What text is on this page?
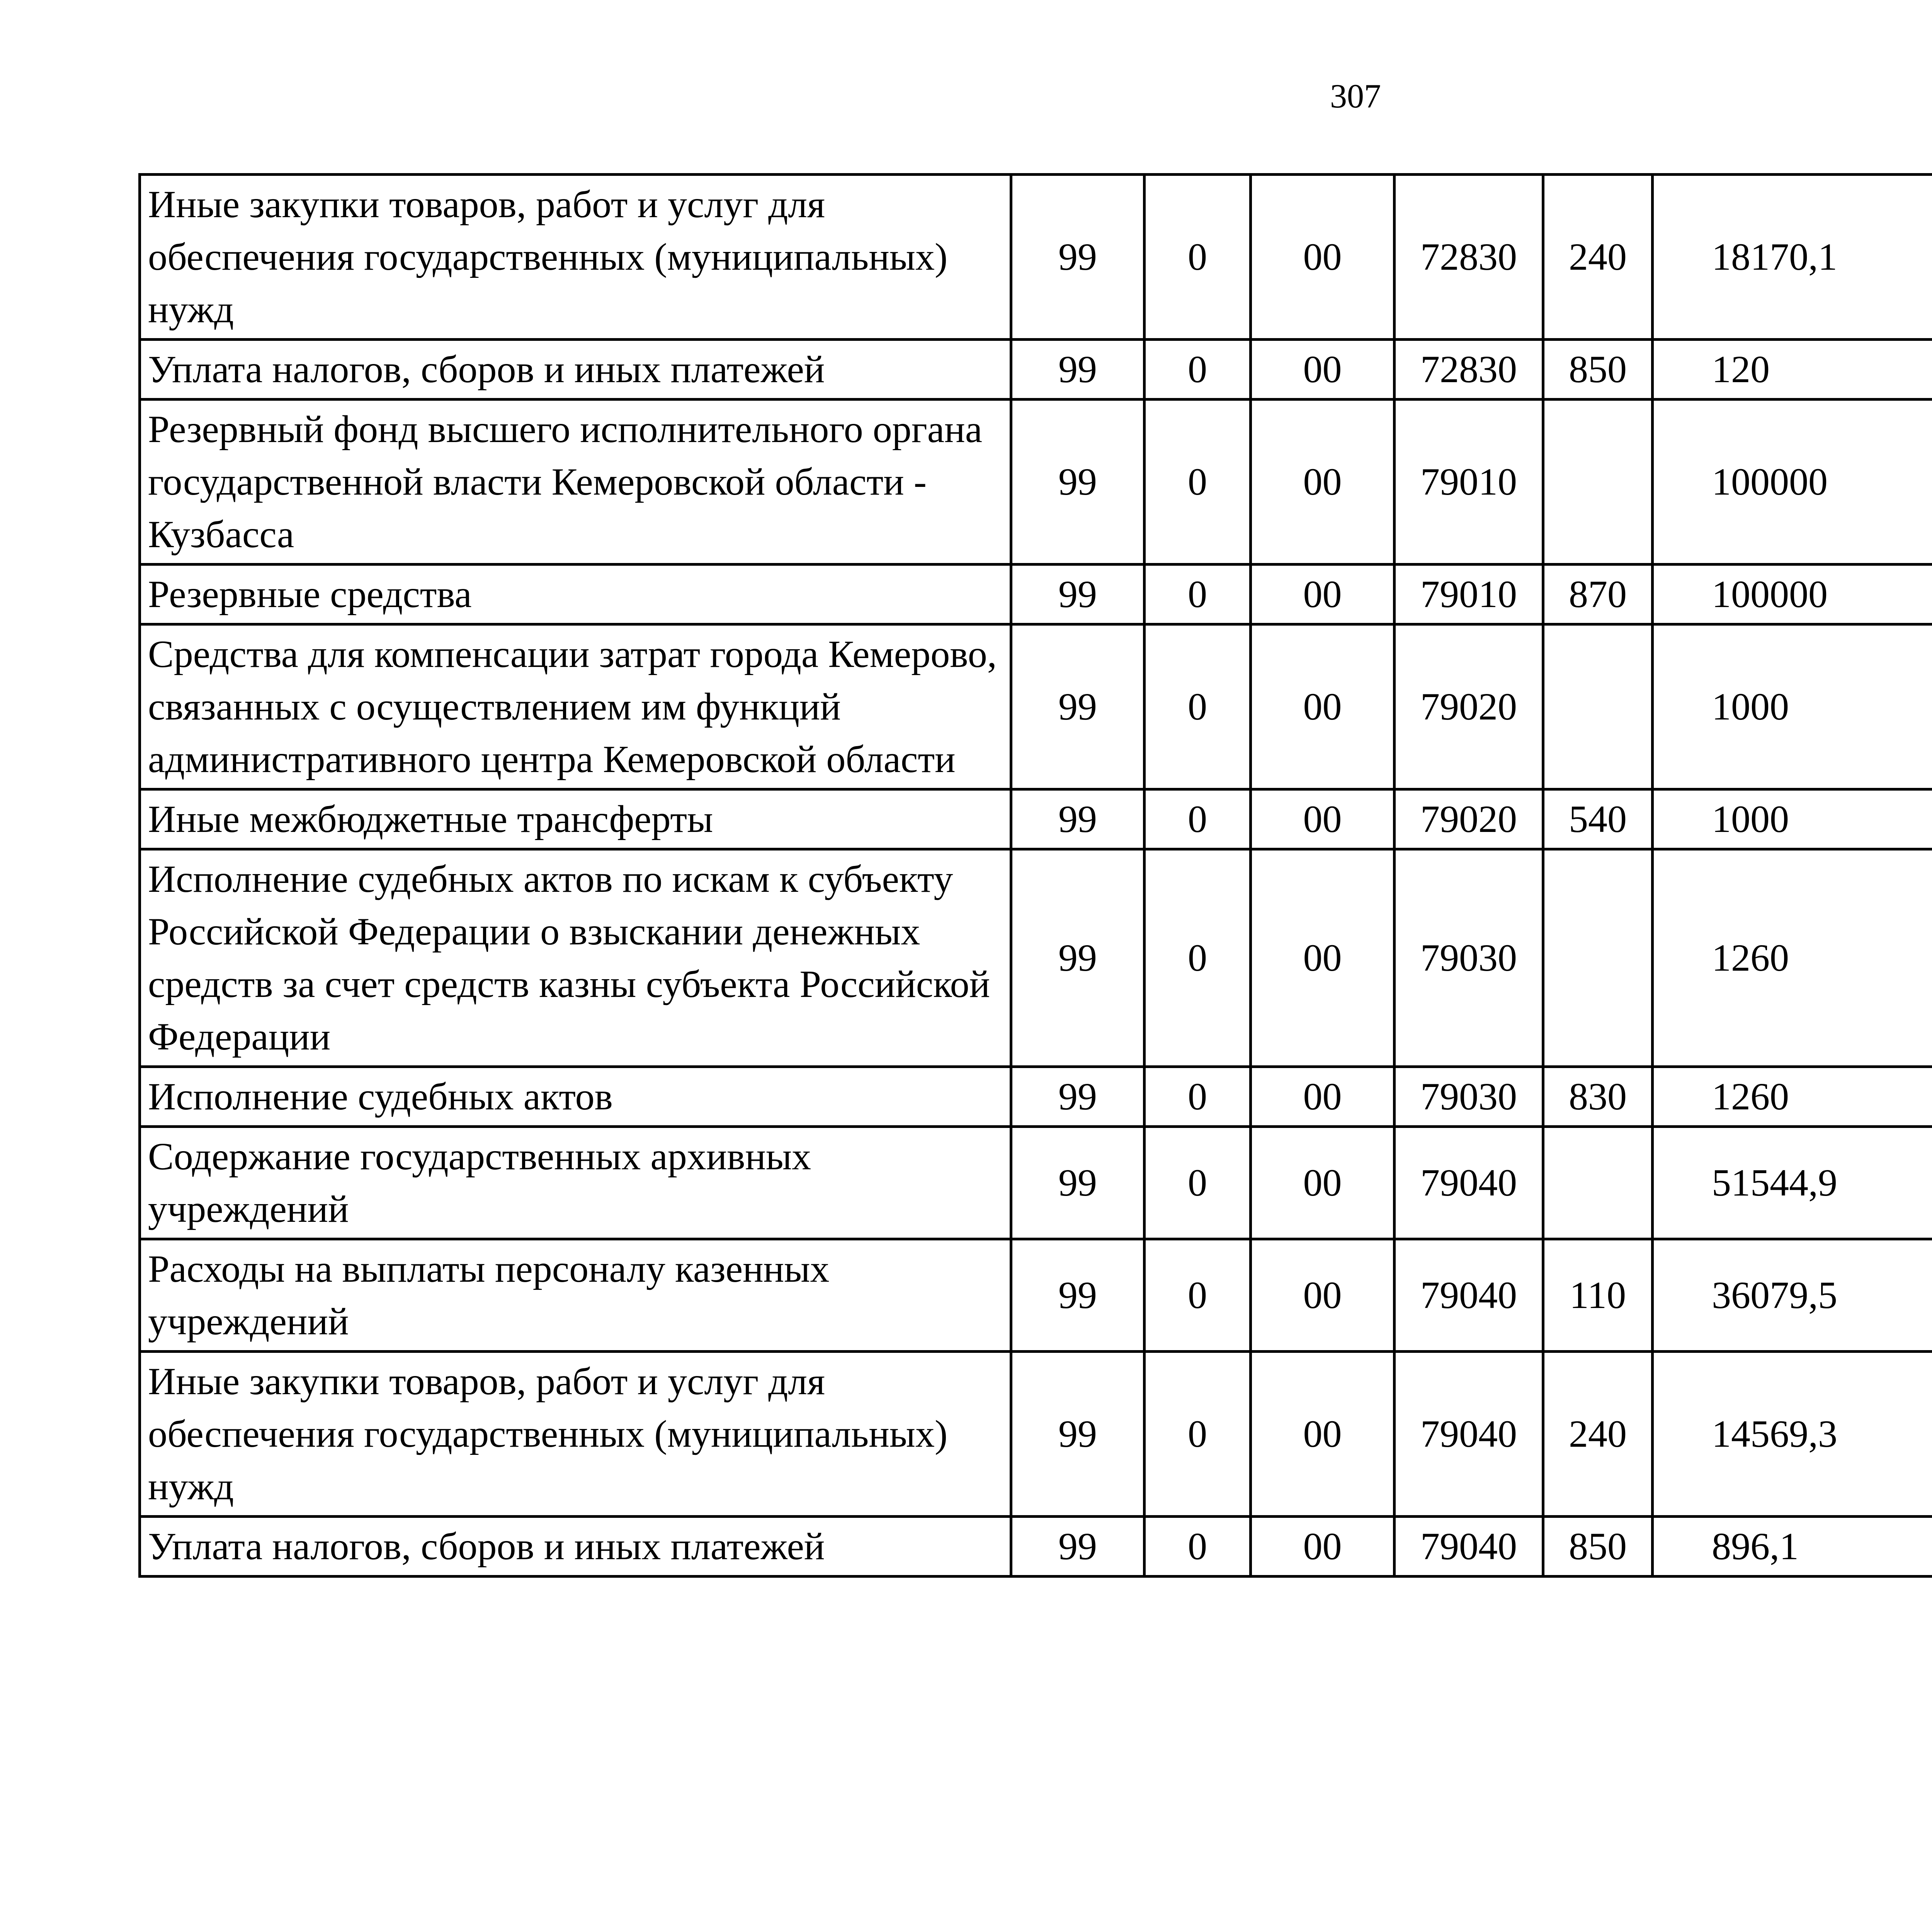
307
Иные закупки товаров, работ и услуг для обеспечения государственных (муниципальных) нужд	99	0	00	72830	240	18170,1		
Уплата налогов, сборов и иных платежей	99	0	00	72830	850	120		
Резервный фонд высшего исполнительного органа государственной власти Кемеровской области - Кузбасса	99	0	00	79010		100000		
Резервные средства	99	0	00	79010	870	100000		
Средства для компенсации затрат города Кемерово, связанных с осуществлением им функций административного центра Кемеровской области	99	0	00	79020		1000		
Иные межбюджетные трансферты	99	0	00	79020	540	1000		
Исполнение судебных актов по искам к субъекту Российской Федерации о взыскании денежных средств за счет средств казны субъекта Российской Федерации	99	0	00	79030		1260		
Исполнение судебных актов	99	0	00	79030	830	1260		
Содержание государственных архивных учреждений	99	0	00	79040		51544,9		
Расходы на выплаты персоналу казенных учреждений	99	0	00	79040	110	36079,5		
Иные закупки товаров, работ и услуг для обеспечения государственных (муниципальных) нужд	99	0	00	79040	240	14569,3		
Уплата налогов, сборов и иных платежей	99	0	00	79040	850	896,1		
